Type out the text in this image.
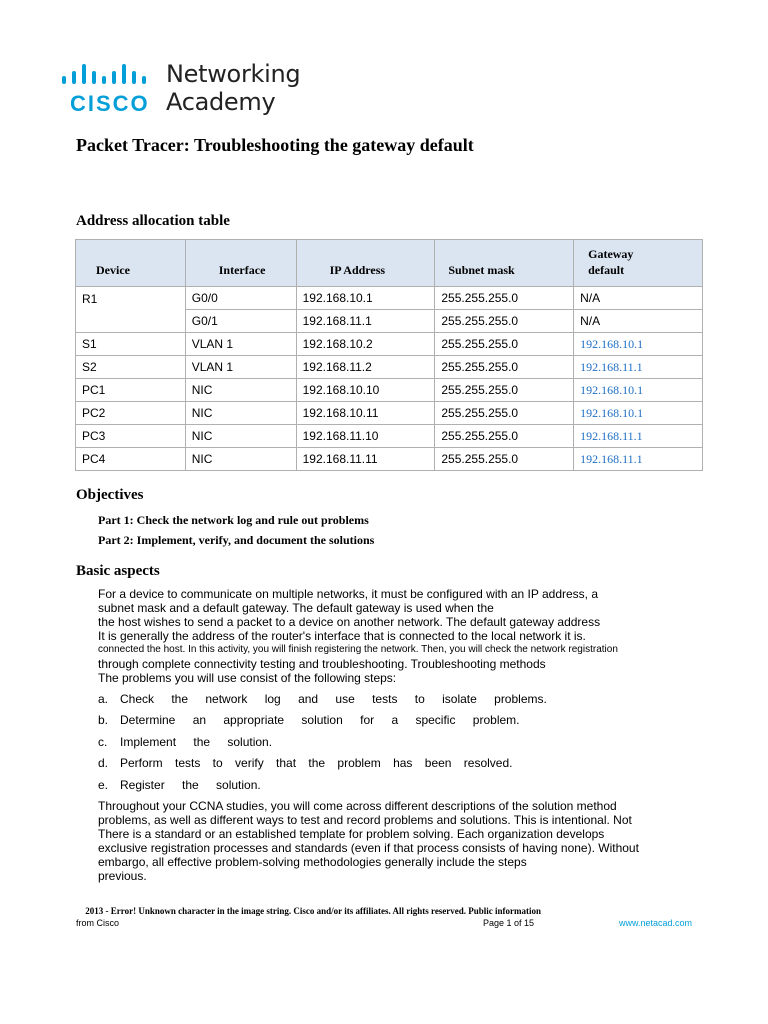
CISCO
Networking
Academy
Packet Tracer: Troubleshooting the gateway default
Address allocation table
Device	Interface	IP Address	Subnet mask	Gateway default

R1	G0/0	192.168.10.1	255.255.255.0	N/A
	G0/1	192.168.11.1	255.255.255.0	N/A
S1	VLAN 1	192.168.10.2	255.255.255.0	192.168.10.1
S2	VLAN 1	192.168.11.2	255.255.255.0	192.168.11.1
PC1	NIC	192.168.10.10	255.255.255.0	192.168.10.1
PC2	NIC	192.168.10.11	255.255.255.0	192.168.10.1
PC3	NIC	192.168.11.10	255.255.255.0	192.168.11.1
PC4	NIC	192.168.11.11	255.255.255.0	192.168.11.1
Objectives
Part 1: Check the network log and rule out problems
Part 2: Implement, verify, and document the solutions
Basic aspects
For a device to communicate on multiple networks, it must be configured with an IP address, a
subnet mask and a default gateway. The default gateway is used when the
the host wishes to send a packet to a device on another network. The default gateway address
It is generally the address of the router's interface that is connected to the local network it is.
connected the host. In this activity, you will finish registering the network. Then, you will check the network registration
through complete connectivity testing and troubleshooting. Troubleshooting methods
The problems you will use consist of the following steps:
a. Check the network log and use tests to isolate problems.
b. Determine an appropriate solution for a specific problem.
c. Implement the solution.
d. Perform tests to verify that the problem has been resolved.
e. Register the solution.
Throughout your CCNA studies, you will come across different descriptions of the solution method
problems, as well as different ways to test and record problems and solutions. This is intentional. Not
There is a standard or an established template for problem solving. Each organization develops
exclusive registration processes and standards (even if that process consists of having none). Without
embargo, all effective problem-solving methodologies generally include the steps
previous.
2013 - Error! Unknown character in the image string. Cisco and/or its affiliates. All rights reserved. Public information
from Cisco	Page 1 of 15	www.netacad.com
